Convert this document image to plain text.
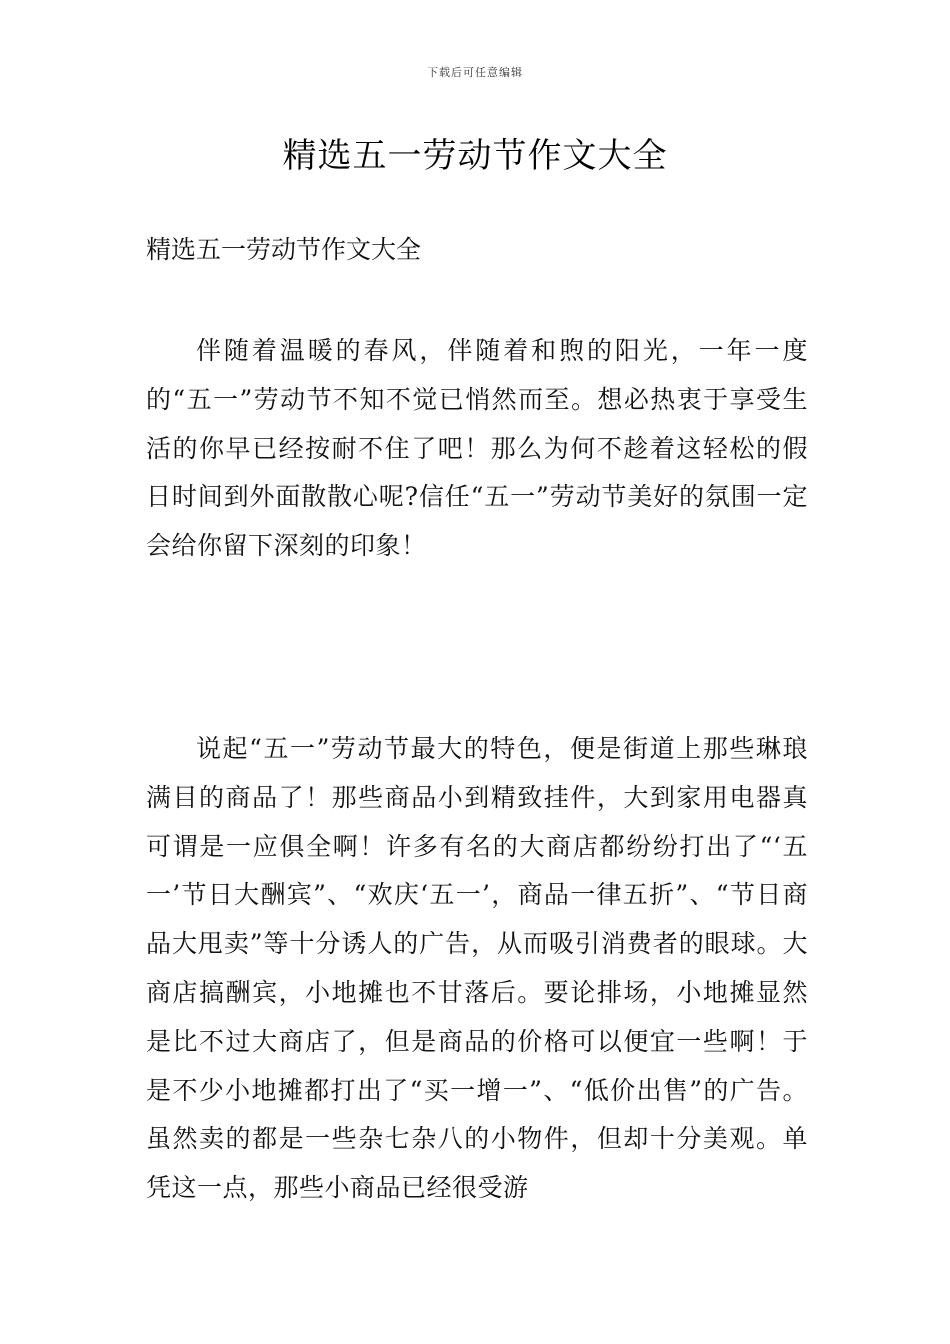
下载后可任意编辑
精选五一劳动节作文大全

精选五一劳动节作文大全

伴随着温暖的春风，伴随着和煦的阳光，一年一度的“五一”劳动节不知不觉已悄然而至。想必热衷于享受生活的你早已经按耐不住了吧！那么为何不趁着这轻松的假日时间到外面散散心呢?信任“五一”劳动节美好的氛围一定会给你留下深刻的印象！

说起“五一”劳动节最大的特色，便是街道上那些琳琅满目的商品了！那些商品小到精致挂件，大到家用电器真可谓是一应俱全啊！许多有名的大商店都纷纷打出了“‘五一’节日大酬宾”、“欢庆‘五一’，商品一律五折”、“节日商品大甩卖”等十分诱人的广告，从而吸引消费者的眼球。大商店搞酬宾，小地摊也不甘落后。要论排场，小地摊显然是比不过大商店了，但是商品的价格可以便宜一些啊！于是不少小地摊都打出了“买一增一”、“低价出售”的广告。虽然卖的都是一些杂七杂八的小物件，但却十分美观。单凭这一点，那些小商品已经很受游
